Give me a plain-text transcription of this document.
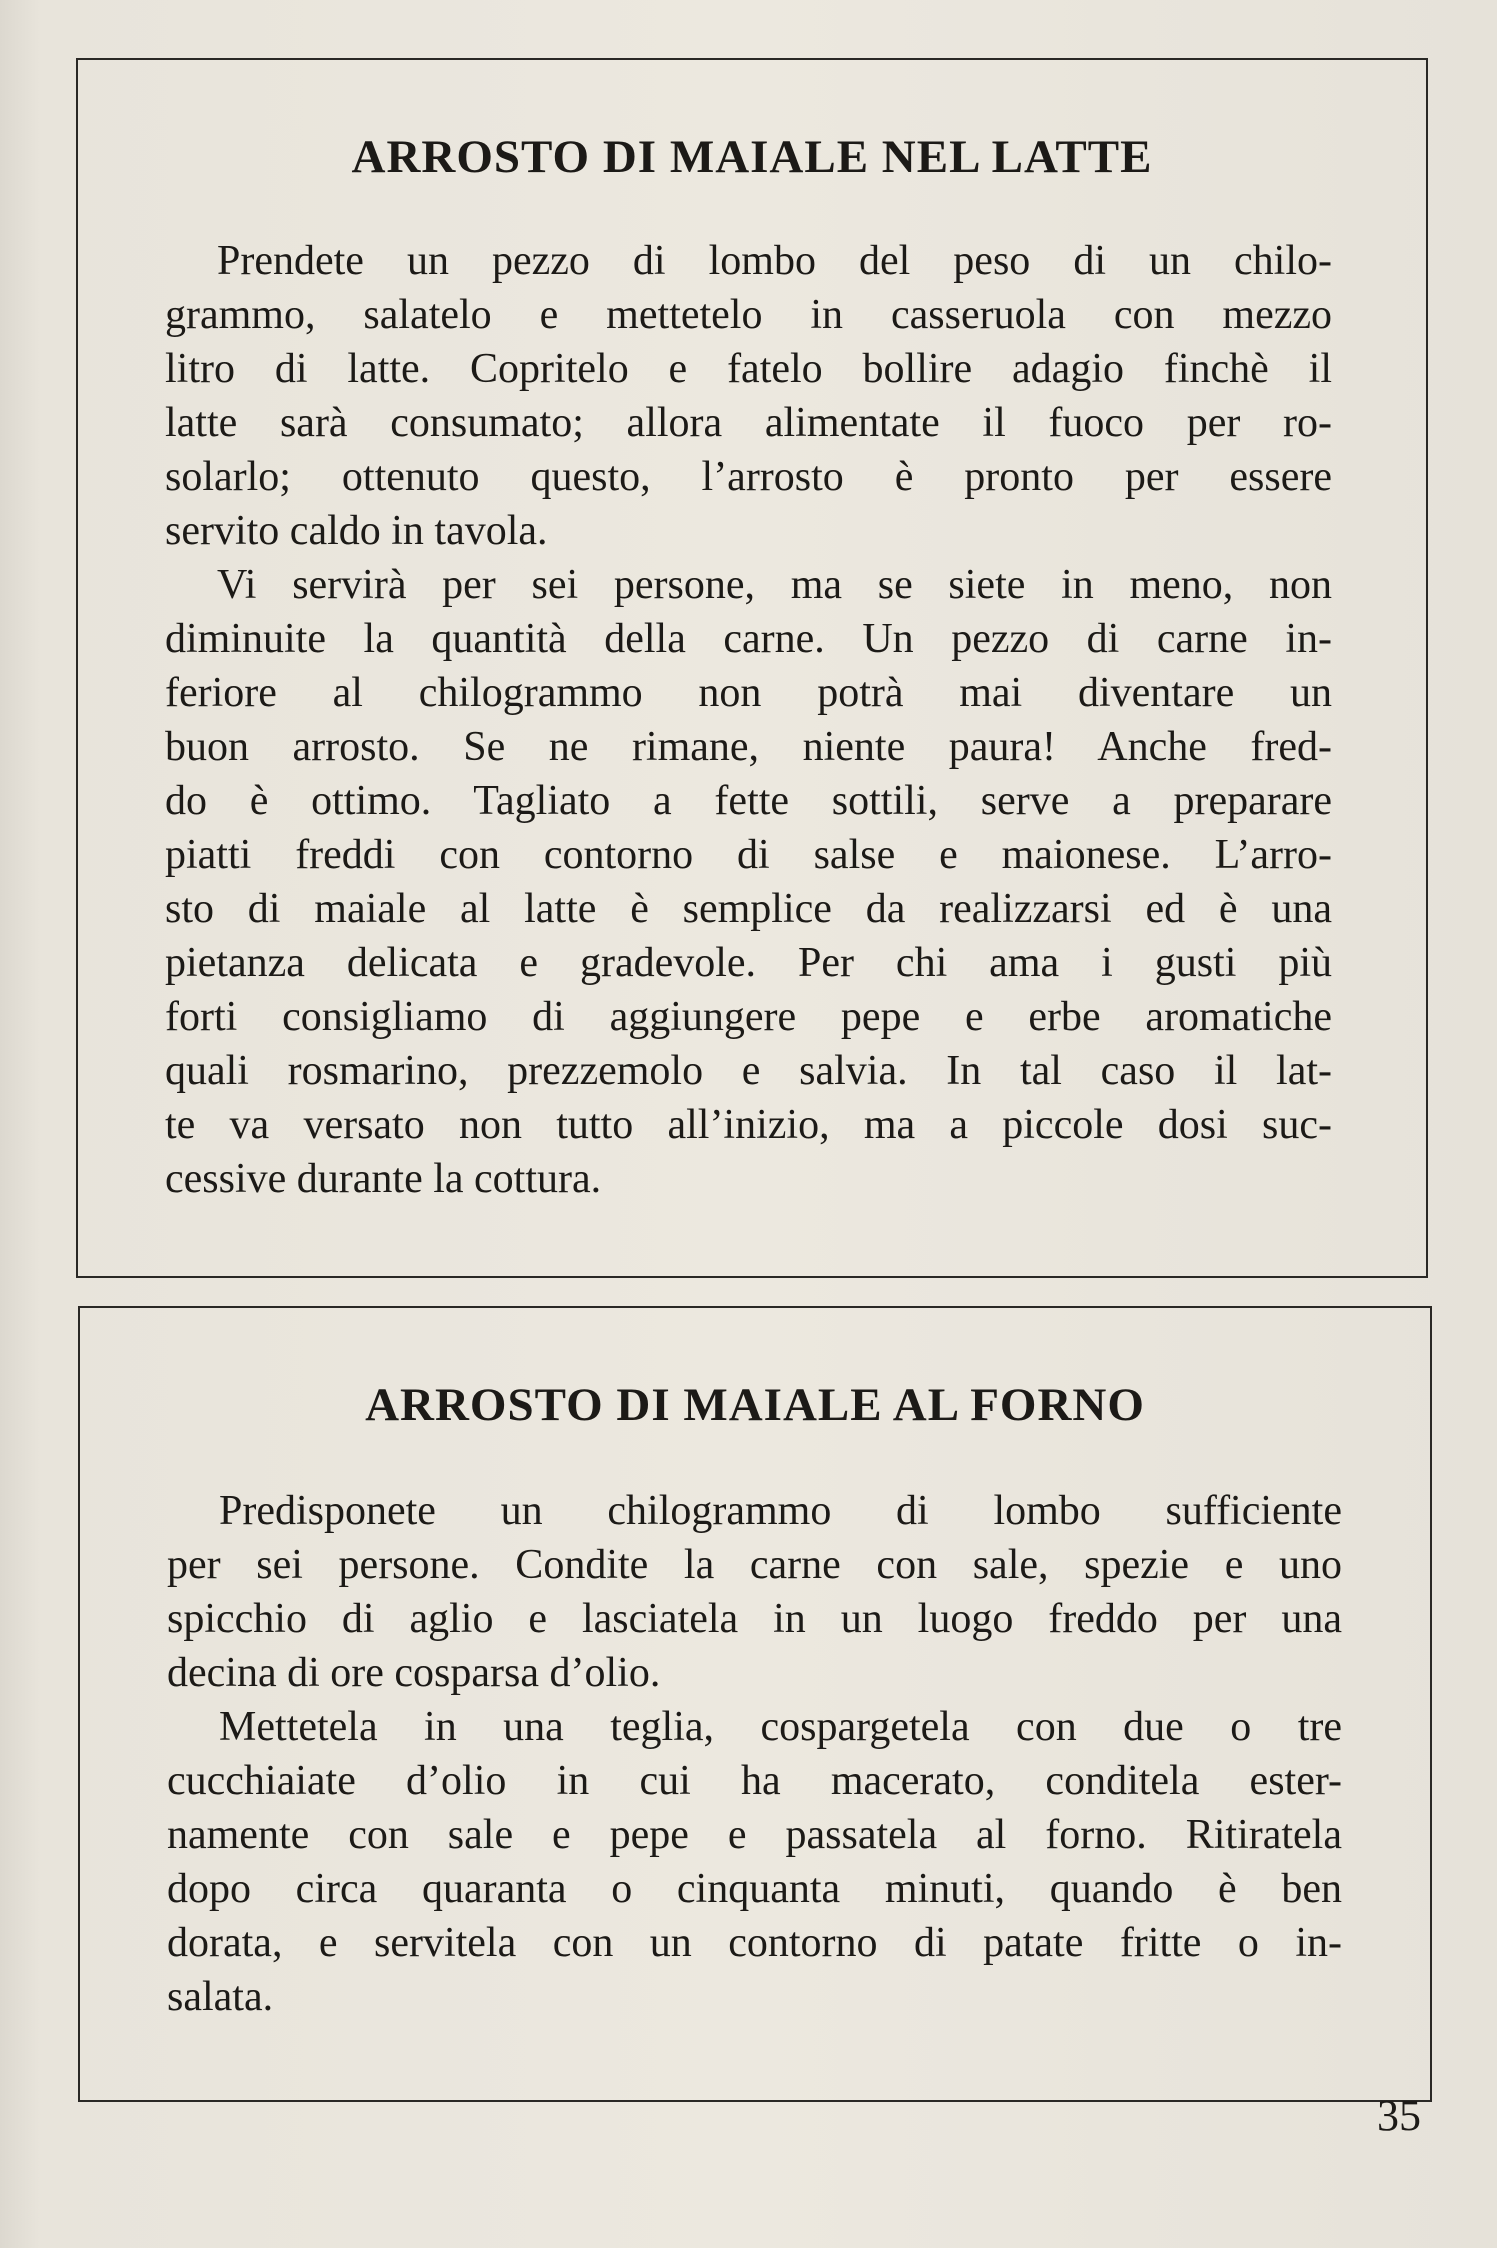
ARROSTO DI MAIALE NEL LATTE
Prendete un pezzo di lombo del peso di un chilo-
grammo, salatelo e mettetelo in casseruola con mezzo
litro di latte. Copritelo e fatelo bollire adagio finchè il
latte sarà consumato; allora alimentate il fuoco per ro-
solarlo; ottenuto questo, l’arrosto è pronto per essere
servito caldo in tavola.
Vi servirà per sei persone, ma se siete in meno, non
diminuite la quantità della carne. Un pezzo di carne in-
feriore al chilogrammo non potrà mai diventare un
buon arrosto. Se ne rimane, niente paura! Anche fred-
do è ottimo. Tagliato a fette sottili, serve a preparare
piatti freddi con contorno di salse e maionese. L’arro-
sto di maiale al latte è semplice da realizzarsi ed è una
pietanza delicata e gradevole. Per chi ama i gusti più
forti consigliamo di aggiungere pepe e erbe aromatiche
quali rosmarino, prezzemolo e salvia. In tal caso il lat-
te va versato non tutto all’inizio, ma a piccole dosi suc-
cessive durante la cottura.
ARROSTO DI MAIALE AL FORNO
Predisponete un chilogrammo di lombo sufficiente
per sei persone. Condite la carne con sale, spezie e uno
spicchio di aglio e lasciatela in un luogo freddo per una
decina di ore cosparsa d’olio.
Mettetela in una teglia, cospargetela con due o tre
cucchiaiate d’olio in cui ha macerato, conditela ester-
namente con sale e pepe e passatela al forno. Ritiratela
dopo circa quaranta o cinquanta minuti, quando è ben
dorata, e servitela con un contorno di patate fritte o in-
salata.
35
